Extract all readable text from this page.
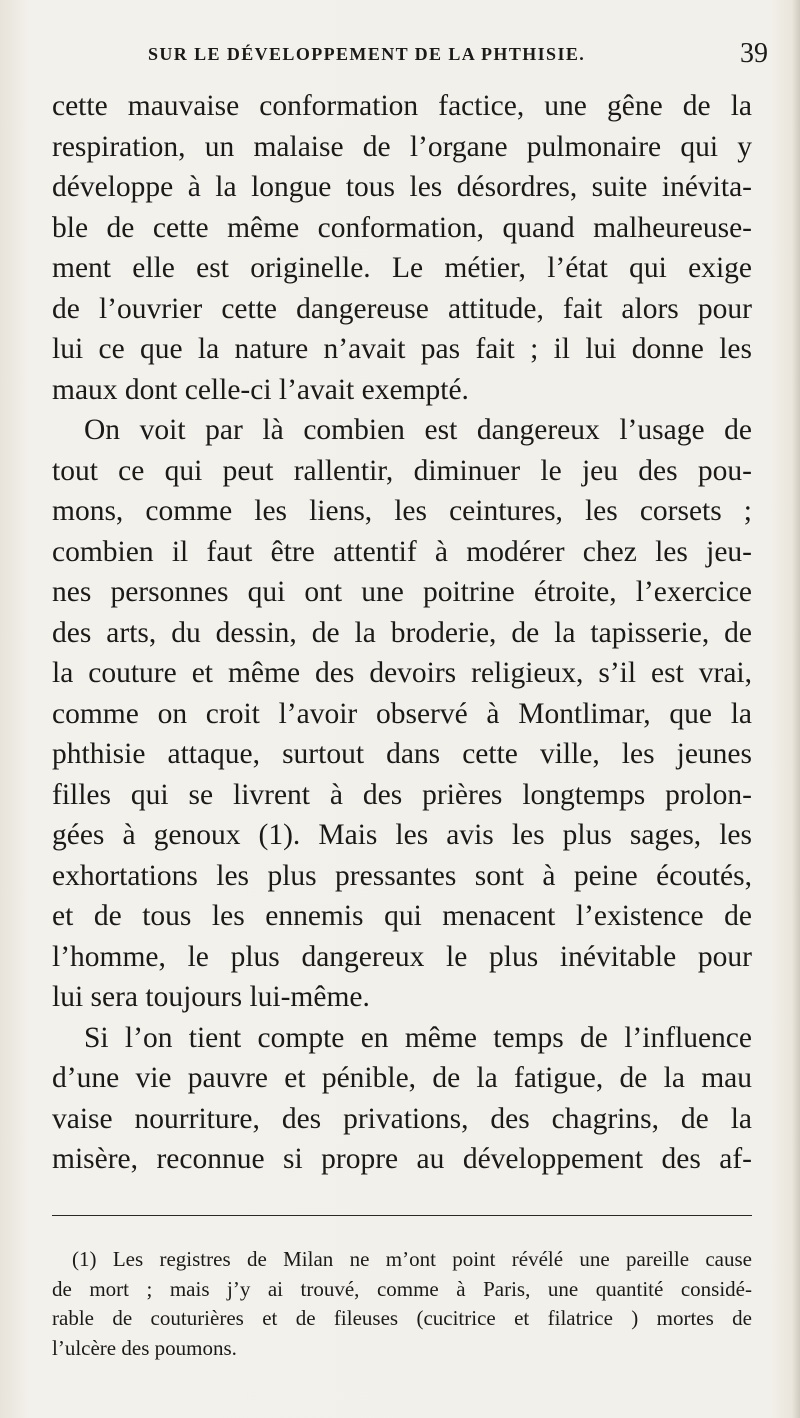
SUR LE DÉVELOPPEMENT DE LA PHTHISIE.	39
cette mauvaise conformation factice, une gêne de la
respiration, un malaise de l’organe pulmonaire qui y
développe à la longue tous les désordres, suite inévita-
ble de cette même conformation, quand malheureuse-
ment elle est originelle. Le métier, l’état qui exige
de l’ouvrier cette dangereuse attitude, fait alors pour
lui ce que la nature n’avait pas fait ; il lui donne les
maux dont celle-ci l’avait exempté.
On voit par là combien est dangereux l’usage de
tout ce qui peut rallentir, diminuer le jeu des pou-
mons, comme les liens, les ceintures, les corsets ;
combien il faut être attentif à modérer chez les jeu-
nes personnes qui ont une poitrine étroite, l’exercice
des arts, du dessin, de la broderie, de la tapisserie, de
la couture et même des devoirs religieux, s’il est vrai,
comme on croit l’avoir observé à Montlimar, que la
phthisie attaque, surtout dans cette ville, les jeunes
filles qui se livrent à des prières longtemps prolon-
gées à genoux (1). Mais les avis les plus sages, les
exhortations les plus pressantes sont à peine écoutés,
et de tous les ennemis qui menacent l’existence de
l’homme, le plus dangereux le plus inévitable pour
lui sera toujours lui-même.
Si l’on tient compte en même temps de l’influence
d’une vie pauvre et pénible, de la fatigue, de la mau
vaise nourriture, des privations, des chagrins, de la
misère, reconnue si propre au développement des af-
(1) Les registres de Milan ne m’ont point révélé une pareille cause
de mort ; mais j’y ai trouvé, comme à Paris, une quantité considé-
rable de couturières et de fileuses (cucitrice et filatrice ) mortes de
l’ulcère des poumons.
